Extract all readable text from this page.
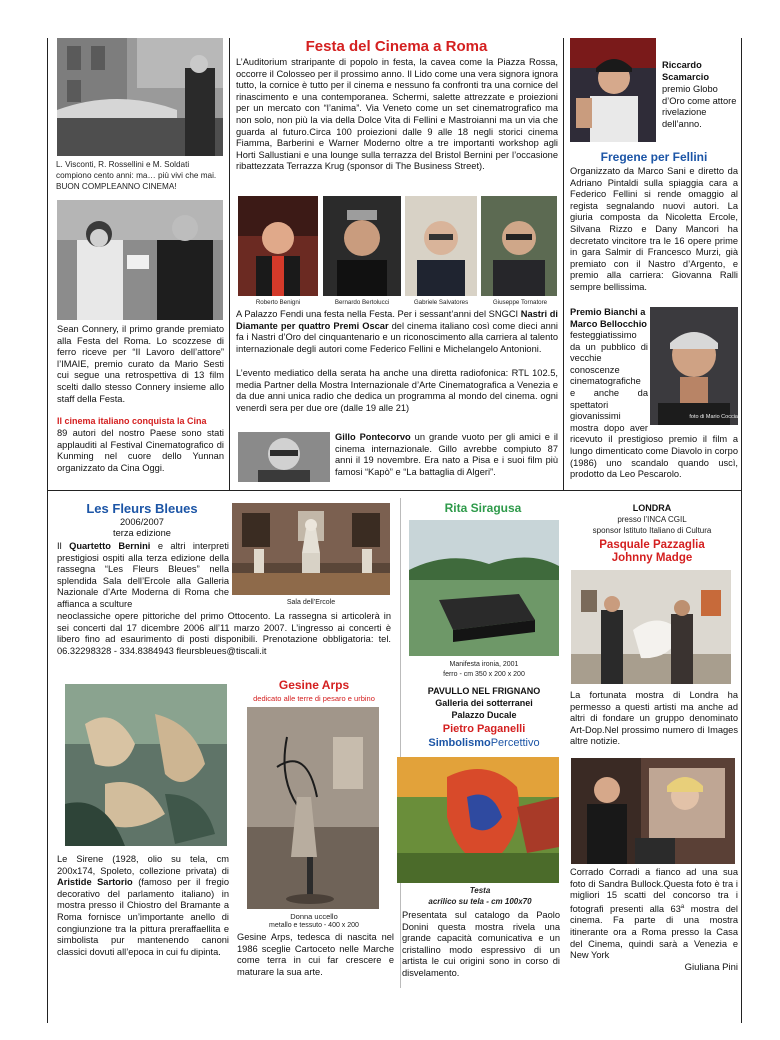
L. Visconti, R. Rossellini e M. Soldati compiono cento anni: ma… più vivi che mai. BUON COMPLEANNO CINEMA!

Sean Connery, il primo grande premiato alla Festa del Roma. Lo scozzese di ferro riceve per “Il Lavoro dell’attore” l’IMAIE, premio curato da Mario Sesti cui segue una retrospettiva di 13 film scelti dallo stesso Connery insieme allo staff della Festa.

Il cinema italiano conquista la Cina

89 autori del nostro Paese sono stati applauditi al Festival Cinematografico di Kunming nel cuore dello Yunnan organizzato da Cina Oggi.

Festa del Cinema a Roma

L’Auditorium straripante di popolo in festa, la cavea come la Piazza Rossa, occorre il Colosseo per il prossimo anno. Il Lido come una vera signora ignora tutto, la cornice è tutto per il cinema e nessuno fa confronti tra una cornice del rinascimento e una contemporanea. Schermi, salette attrezzate e proiezioni per un mercato con “l’anima”. Via Veneto come un set cinematrografico ma non solo, non più la via della Dolce Vita di Fellini e Mastroianni ma un via che guarda al futuro.Circa 100 proiezioni dalle 9 alle 18 negli storici cinema Fiamma, Barberini e Warner Moderno oltre a tre importanti workshop agli Horti Sallustiani e una lounge sulla terrazza del Bristol Bernini per l’occasione ribattezzata Terrazza Krug (sponsor di The Business Street).

Roberto Benigni	Bernardo Bertolucci	Gabriele Salvatores	Giuseppe Tornatore

A Palazzo Fendi una festa nella Festa. Per i sessant’anni del SNGCI Nastri di Diamante per quattro Premi Oscar del cinema italiano così come dieci anni fa i Nastri d’Oro del cinquantenario e un riconoscimento alla carriera al talento internazionale degli autori come Federico Fellini e Michelangelo Antonioni.

L’evento mediatico della serata ha anche una diretta radiofonica: RTL 102.5, media Partner della Mostra Internazionale d’Arte Cinematografica a Venezia e da due anni unica radio che dedica un programma al mondo del cinema. ogni venerdì sera per due ore (dalle 19 alle 21)

Gillo Pontecorvo un grande vuoto per gli amici e il cinema internazionale. Gillo avrebbe compiuto 87 anni il 19 novembre. Era nato a Pisa e i suoi film più famosi “Kapò” e “La battaglia di Algeri”.

Riccardo Scamarcio

premio Globo d’Oro come attore rivelazione dell’anno.

Fregene per Fellini

Organizzato da Marco Sani e diretto da Adriano Pintaldi sulla spiaggia cara a Federico Fellini si rende omaggio al regista segnalando nuovi autori. La giuria composta da Nicoletta Ercole, Silvana Rizzo e Dany Mancori ha decretato vincitore tra le 16 opere prime in gara Salmir di Francesco Murzi, già premiato con il Nastro d’Argento, e premio alla carriera: Giovanna Ralli sempre bellissima.

foto di Mario Coccia

Premio Bianchi a Marco Bellocchio

festeggiatissimo da un pubblico di vecchie conoscenze cinematografiche e anche da spettatori giovanissimi mostra dopo aver ricevuto il prestigioso premio il film a lungo dimenticato come Diavolo in corpo (1986) uno scandalo quando uscì, prodotto da Leo Pescarolo.

Les Fleurs Bleues

2006/2007

terza edizione

Il Quartetto Bernini e altri interpreti prestigiosi ospiti alla terza edizione della rassegna “Les Fleurs Bleues” nella splendida Sala dell’Ercole alla Galleria Nazionale d’Arte Moderna di Roma che affianca a sculture	Sala dell’Ercole

neoclassiche opere pittoriche del primo Ottocento. La rassegna si articolerà in sei concerti dal 17 dicembre 2006 all’11 marzo 2007. L’ingresso ai concerti è libero fino ad esaurimento di posti disponibili. Prenotazione obbligatoria: tel. 06.32298328 - 334.8384943 fleursbleues@tiscali.it

Le Sirene (1928, olio su tela, cm 200x174, Spoleto, collezione privata) di Aristide Sartorio (famoso per il fregio decorativo del parlamento italiano) in mostra presso il Chiostro del Bramante a Roma fornisce un’importante anello di congiunzione tra la pittura preraffaellita e simbolista pur mantenendo canoni classici dovuti all’epoca in cui fu dipinta.

Gesine Arps

dedicato alle terre di pesaro e urbino

Donna uccello

metallo e tessuto - 400 x 200

Gesine Arps, tedesca di nascita nel 1986 sceglie Cartoceto nelle Marche come terra in cui far crescere e maturare la sua arte.

Rita Siragusa

Manifesta ironia, 2001

ferro - cm 350 x 200 x 200

PAVULLO NEL FRIGNANO

Galleria dei sotterranei

Palazzo Ducale

Pietro Paganelli

SimbolismoPercettivo

Testa

acrilico su tela - cm 100x70

Presentata sul catalogo da Paolo Donini questa mostra rivela una grande capacità comunicativa e un cristallino modo espressivo di un artista le cui origini sono in corso di disvelamento.

LONDRA

presso l’INCA CGIL

sponsor Istituto Italiano di Cultura

Pasquale Pazzaglia

Johnny Madge

La fortunata mostra di Londra ha permesso a questi artisti ma anche ad altri di fondare un gruppo denominato Art-Dop.Nel prossimo numero di Images altre notizie.

Corrado Corradi a fianco ad una sua foto di Sandra Bullock.Questa foto è tra i migliori 15 scatti del concorso tra i fotografi presenti alla 63$^a$ mostra del cinema. Fa parte di una mostra itinerante ora a Roma presso la Casa del Cinema, quindi sarà a Venezia e New York

Giuliana Pini
